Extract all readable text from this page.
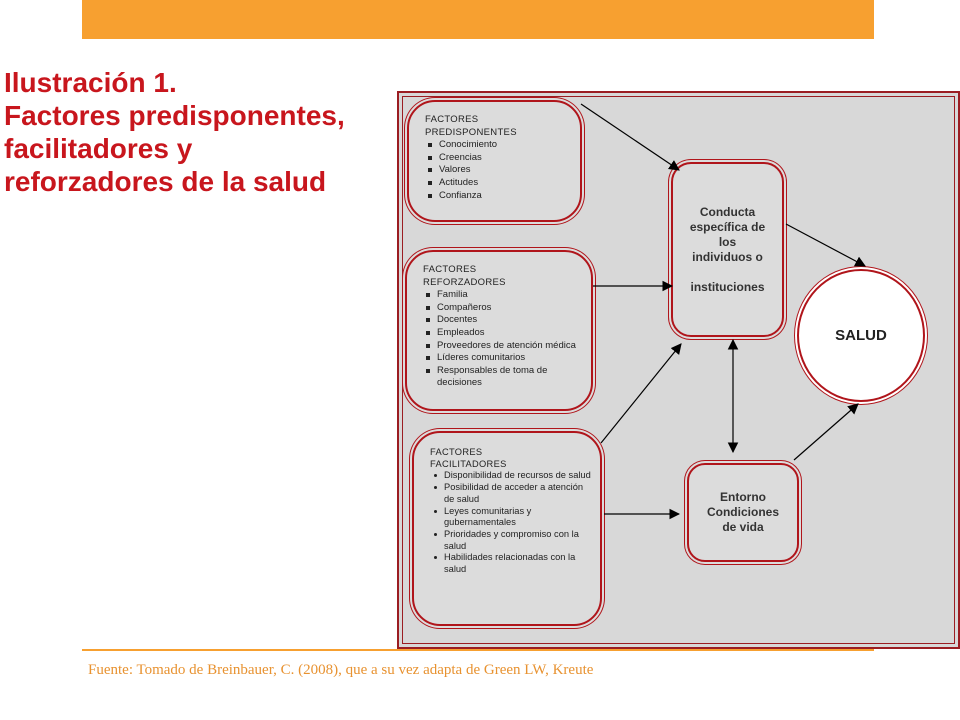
Ilustración 1.
Factores predisponentes,
facilitadores y
reforzadores de la salud
FACTORES
PREDISPONENTES
Conocimiento
Creencias
Valores
Actitudes
Confianza
FACTORES
REFORZADORES
Familia
Compañeros
Docentes
Empleados
Proveedores de atención médica
Líderes comunitarios
Responsables de toma de decisiones
FACTORES
FACILITADORES
Disponibilidad de recursos de salud
Posibilidad de acceder a atención de salud
Leyes comunitarias y gubernamentales
Prioridades y compromiso con la salud
Habilidades relacionadas con la salud
Conducta
específica de
los
individuos o
instituciones
Entorno
Condiciones
de vida
SALUD
Fuente: Tomado de Breinbauer, C. (2008), que a su vez adapta de Green LW, Kreute
